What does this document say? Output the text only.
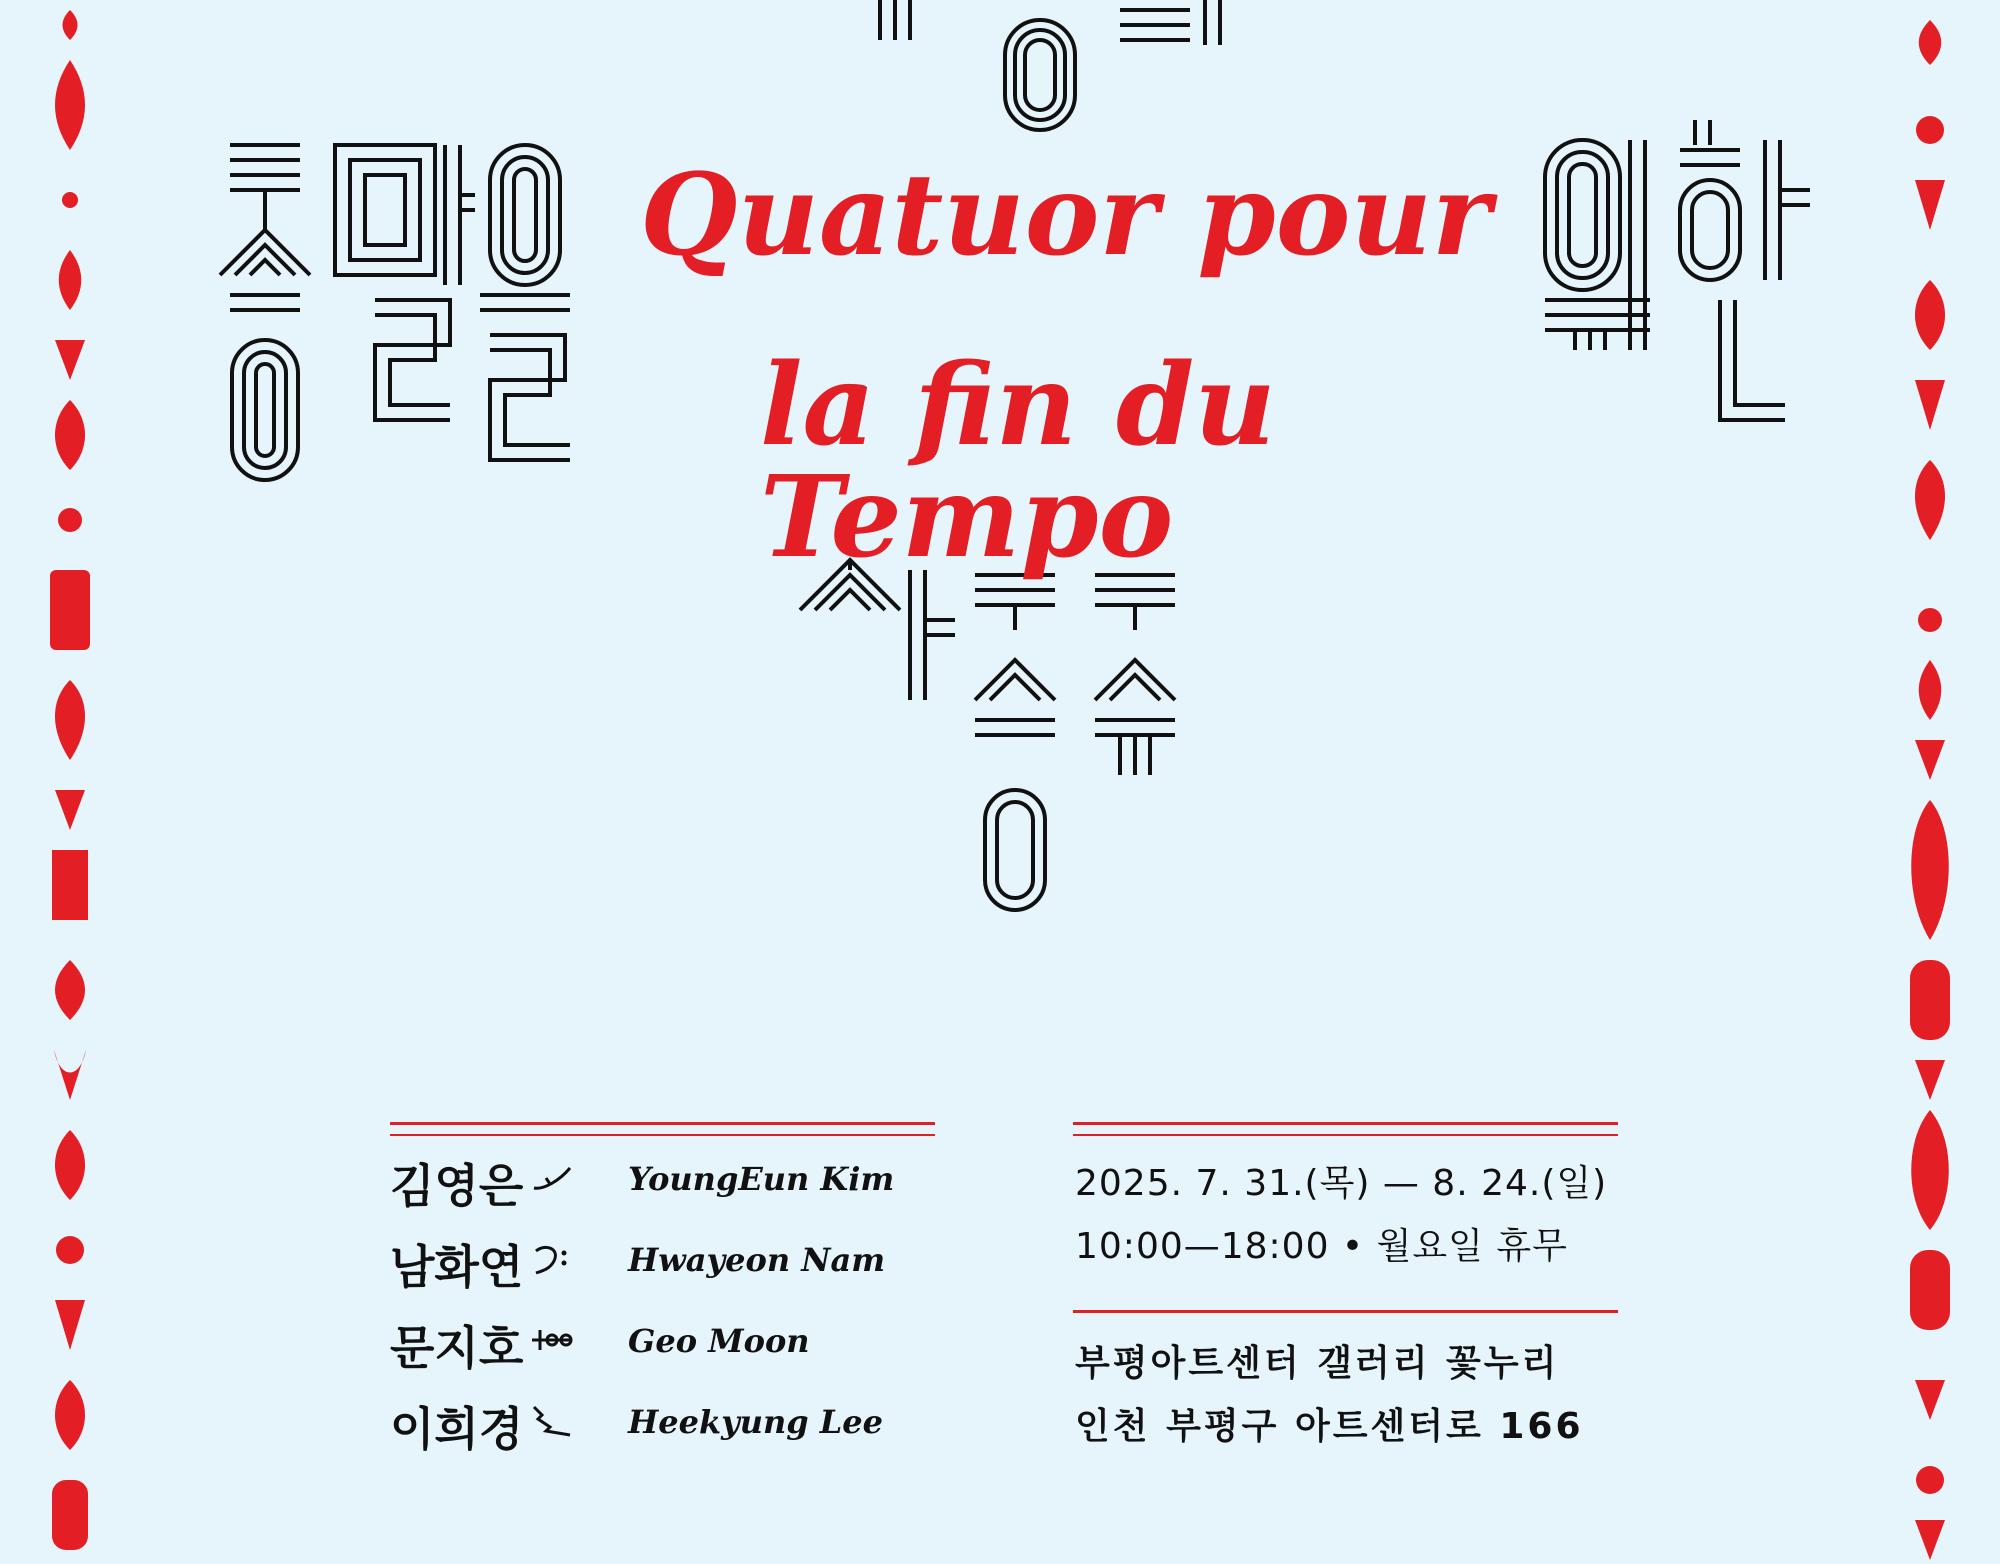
Quatuor pour
la fin du Tempo
김영은	YoungEun Kim
남화연	Hwayeon Nam
문지호	Geo Moon
이희경	Heekyung Lee
2025. 7. 31.(목) — 8. 24.(일)
10:00—18:00 • 월요일 휴무
부평아트센터 갤러리 꽃누리
인천 부평구 아트센터로 166
